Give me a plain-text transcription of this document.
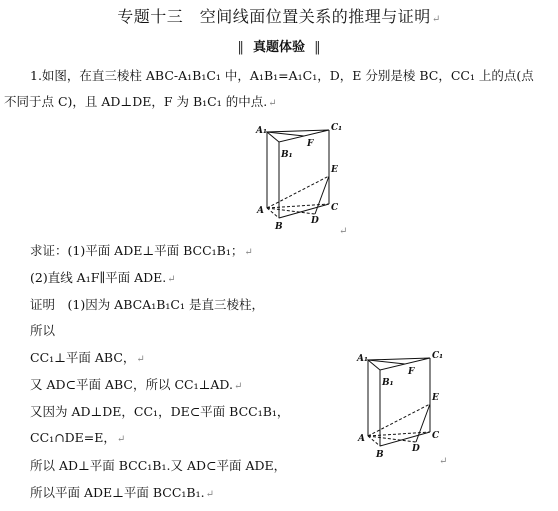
专题十三　空间线面位置关系的推理与证明↵
‖ 真题体验 ‖
1.如图，在直三棱柱 ABC-A₁B₁C₁ 中，A₁B₁=A₁C₁，D，E 分别是棱 BC，CC₁ 上的点(点
不同于点 C)，且 AD⊥DE，F 为 B₁C₁ 的中点.↵
A₁
B₁
C₁
F
E
A
B
C
D
↵
求证：(1)平面 ADE⊥平面 BCC₁B₁；↵
(2)直线 A₁F∥平面 ADE.↵
证明　(1)因为 ABCA₁B₁C₁ 是直三棱柱，
所以
CC₁⊥平面 ABC，↵
又 AD⊂平面 ABC，所以 CC₁⊥AD.↵
又因为 AD⊥DE，CC₁，DE⊂平面 BCC₁B₁，
CC₁∩DE=E，↵
所以 AD⊥平面 BCC₁B₁.又 AD⊂平面 ADE，
所以平面 ADE⊥平面 BCC₁B₁.↵
A₁
B₁
C₁
F
E
A
B
C
D
↵
